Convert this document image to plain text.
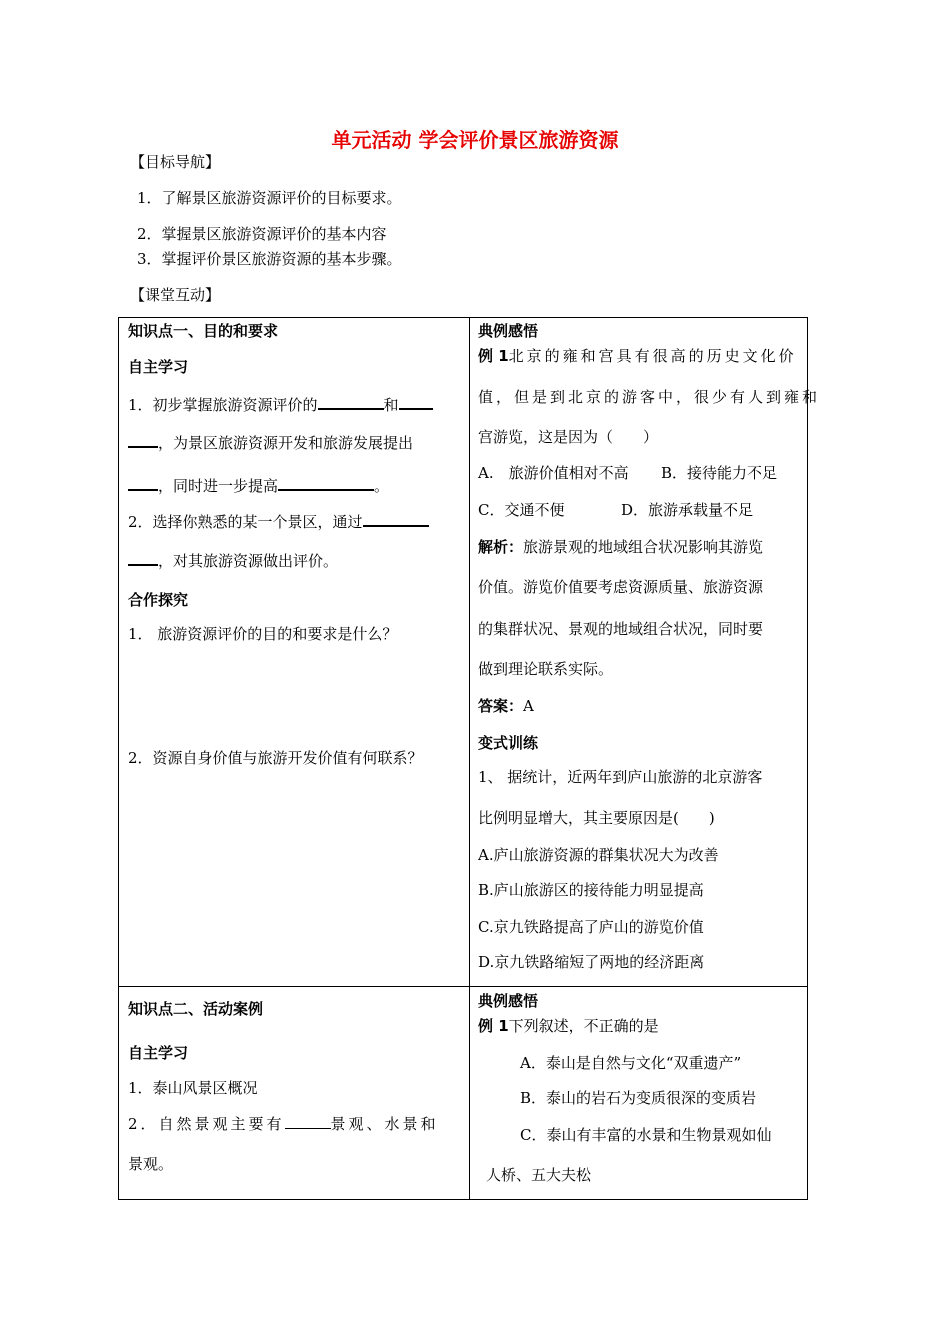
单元活动 学会评价景区旅游资源
【目标导航】
1．了解景区旅游资源评价的目标要求。
2．掌握景区旅游资源评价的基本内容
3．掌握评价景区旅游资源的基本步骤。
【课堂互动】
知识点一、目的和要求
自主学习
1．初步掌握旅游资源评价的	和
，为景区旅游资源开发和旅游发展提出
，同时进一步提高	。
2．选择你熟悉的某一个景区，通过
，对其旅游资源做出评价。
合作探究
1． 旅游资源评价的目的和要求是什么？
2．资源自身价值与旅游开发价值有何联系？
典例感悟
例 1北京的雍和宫具有很高的历史文化价
值，但是到北京的游客中，很少有人到雍和
宫游览，这是因为（　　）
A.　旅游价值相对不高 B．接待能力不足
C．交通不便	D．旅游承载量不足
解析：旅游景观的地域组合状况影响其游览
价值。游览价值要考虑资源质量、旅游资源
的集群状况、景观的地域组合状况，同时要
做到理论联系实际。
答案：A
变式训练
1、 据统计，近两年到庐山旅游的北京游客
比例明显增大，其主要原因是(　　)
A.庐山旅游资源的群集状况大为改善
B.庐山旅游区的接待能力明显提高
C.京九铁路提高了庐山的游览价值
D.京九铁路缩短了两地的经济距离
知识点二、活动案例
自主学习
1．泰山风景区概况
2．自然景观主要有	景观、水景和
景观。
典例感悟
例 1下列叙述，不正确的是
A．泰山是自然与文化“双重遗产”
B．泰山的岩石为变质很深的变质岩
C．泰山有丰富的水景和生物景观如仙
人桥、五大夫松
